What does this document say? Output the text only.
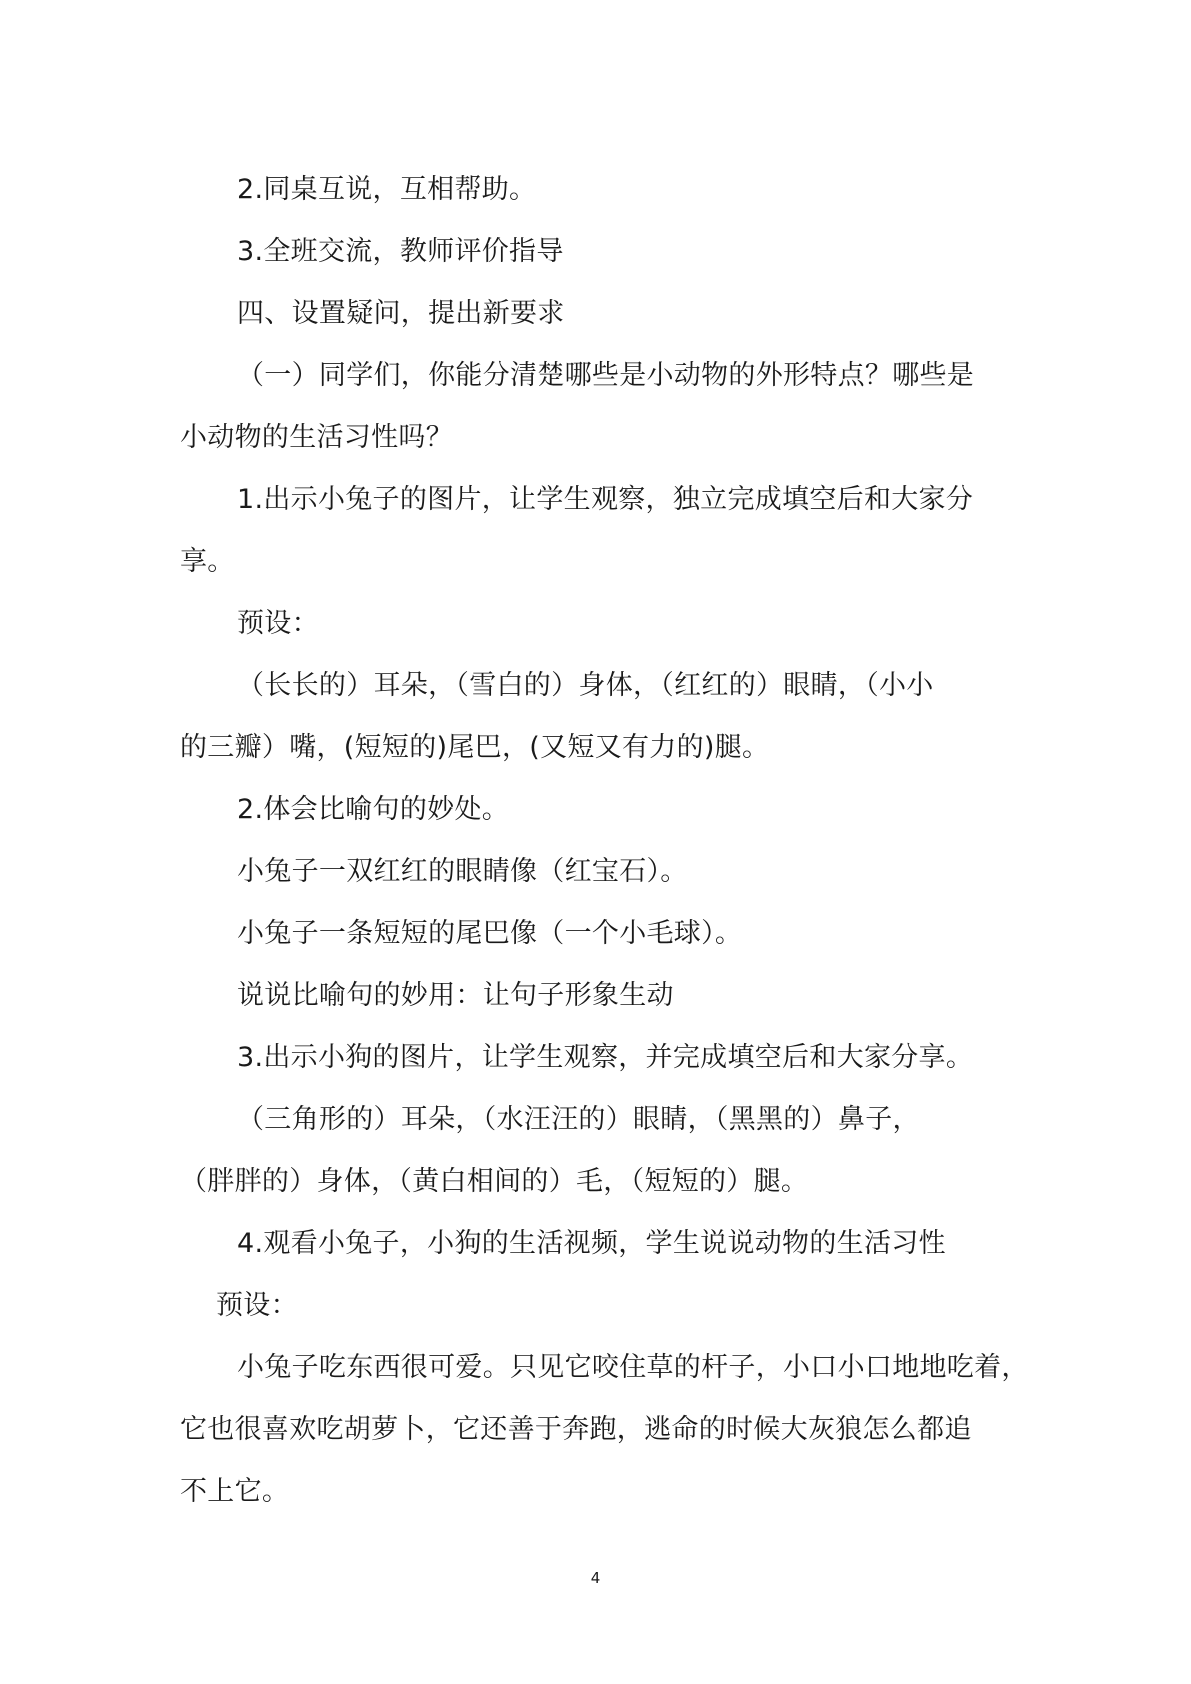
2.同桌互说，互相帮助。
3.全班交流，教师评价指导
四、设置疑问，提出新要求
（一）同学们，你能分清楚哪些是小动物的外形特点？哪些是
小动物的生活习性吗？
1.出示小兔子的图片，让学生观察，独立完成填空后和大家分
享。
预设：
（长长的）耳朵，（雪白的）身体，（红红的）眼睛，（小小
的三瓣）嘴，(短短的)尾巴，(又短又有力的)腿。
2.体会比喻句的妙处。
小兔子一双红红的眼睛像（红宝石）。
小兔子一条短短的尾巴像（一个小毛球）。
说说比喻句的妙用：让句子形象生动
3.出示小狗的图片，让学生观察，并完成填空后和大家分享。
（三角形的）耳朵，（水汪汪的）眼睛，（黑黑的）鼻子，
（胖胖的）身体，（黄白相间的）毛，（短短的）腿。
4.观看小兔子，小狗的生活视频，学生说说动物的生活习性
预设：
小兔子吃东西很可爱。只见它咬住草的杆子，小口小口地地吃着，
它也很喜欢吃胡萝卜，它还善于奔跑，逃命的时候大灰狼怎么都追
不上它。
4
